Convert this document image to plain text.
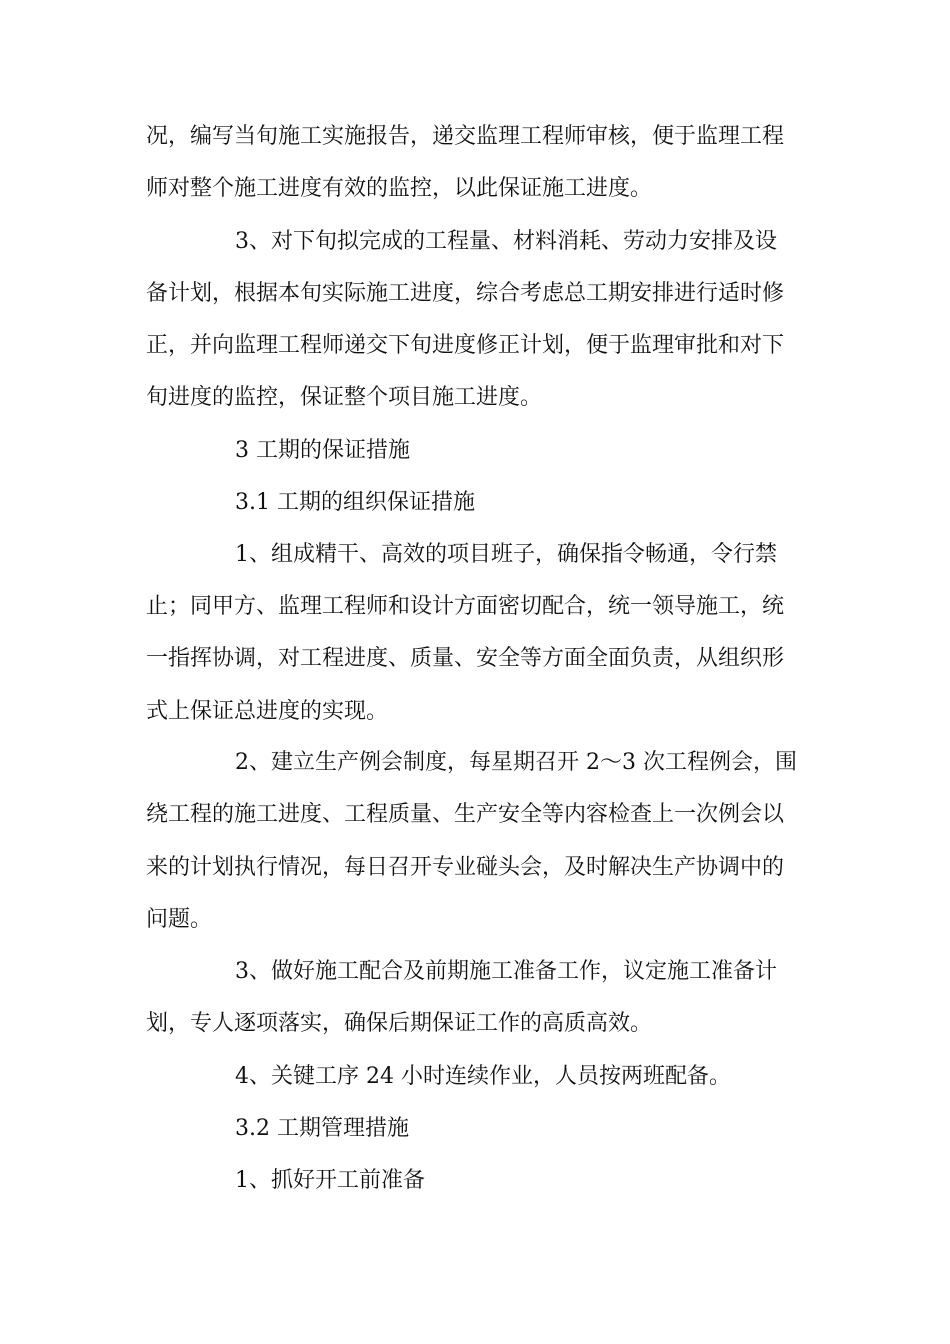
况，编写当旬施工实施报告，递交监理工程师审核，便于监理工程
师对整个施工进度有效的监控，以此保证施工进度。
3、对下旬拟完成的工程量、材料消耗、劳动力安排及设
备计划，根据本旬实际施工进度，综合考虑总工期安排进行适时修
正，并向监理工程师递交下旬进度修正计划，便于监理审批和对下
旬进度的监控，保证整个项目施工进度。
3 工期的保证措施
3.1 工期的组织保证措施
1、组成精干、高效的项目班子，确保指令畅通，令行禁
止；同甲方、监理工程师和设计方面密切配合，统一领导施工，统
一指挥协调，对工程进度、质量、安全等方面全面负责，从组织形
式上保证总进度的实现。
2、建立生产例会制度，每星期召开 2～3 次工程例会，围
绕工程的施工进度、工程质量、生产安全等内容检查上一次例会以
来的计划执行情况，每日召开专业碰头会，及时解决生产协调中的
问题。
3、做好施工配合及前期施工准备工作，议定施工准备计
划，专人逐项落实，确保后期保证工作的高质高效。
4、关键工序 24 小时连续作业，人员按两班配备。
3.2 工期管理措施
1、抓好开工前准备
